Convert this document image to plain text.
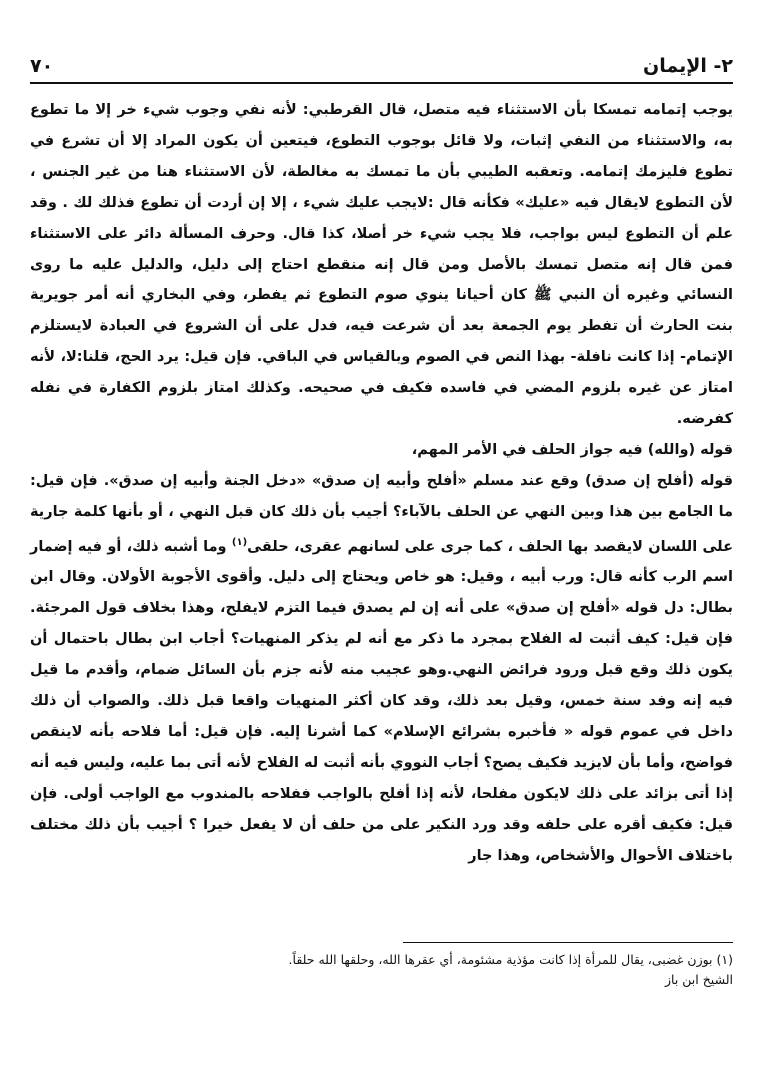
٢- الإيمان
٧٠

يوجب إتمامه تمسكا بأن الاستثناء فيه متصل، قال القرطبي: لأنه نفي وجوب شيء خر إلا ما تطوع به، والاستثناء من النفي إثبات، ولا قائل بوجوب التطوع، فيتعين أن يكون المراد إلا أن تشرع في تطوع فليزمك إتمامه. وتعقبه الطيبي بأن ما تمسك به مغالطة، لأن الاستثناء هنا من غير الجنس ، لأن التطوع لايقال فيه «عليك» فكأنه قال :لايجب عليك شيء ، إلا إن أردت أن تطوع فذلك لك . وقد علم أن التطوع ليس بواجب، فلا يجب شيء خر أصلا، كذا قال. وحرف المسألة دائر على الاستثناء فمن قال إنه متصل تمسك بالأصل ومن قال إنه منقطع احتاج إلى دليل، والدليل عليه ما روى النسائي وغيره أن النبي ﷺ كان أحيانا ينوي صوم التطوع ثم يفطر، وفي البخاري أنه أمر جويرية بنت الحارث أن تفطر يوم الجمعة بعد أن شرعت فيه، فدل على أن الشروع في العبادة لايستلزم الإتمام- إذا كانت نافلة- بهذا النص في الصوم وبالقياس في الباقي. فإن قيل: يرد الحج، قلنا:لا، لأنه امتاز عن غيره بلزوم المضي في فاسده فكيف في صحيحه. وكذلك امتاز بلزوم الكفارة في نفله كفرضه.

قوله (والله) فيه جواز الحلف في الأمر المهم،

قوله (أفلح إن صدق) وقع عند مسلم «أفلح وأبيه إن صدق» «دخل الجنة وأبيه إن صدق». فإن قيل: ما الجامع بين هذا وبين النهي عن الحلف بالآباء؟ أجيب بأن ذلك كان قبل النهي ، أو بأنها كلمة جارية على اللسان لايقصد بها الحلف ، كما جرى على لسانهم عقرى، حلقى$^{(١)}$ وما أشبه ذلك، أو فيه إضمار اسم الرب كأنه قال: ورب أبيه ، وقيل: هو خاص ويحتاج إلى دليل. وأقوى الأجوبة الأولان. وقال ابن بطال: دل قوله «أفلح إن صدق» على أنه إن لم يصدق فيما التزم لايفلح، وهذا بخلاف قول المرجئة. فإن قيل: كيف أثبت له الفلاح بمجرد ما ذكر مع أنه لم يذكر المنهيات؟ أجاب ابن بطال باحتمال أن يكون ذلك وقع قبل ورود فرائض النهي.وهو عجيب منه لأنه جزم بأن السائل ضمام، وأقدم ما قيل فيه إنه وفد سنة خمس، وقيل بعد ذلك، وقد كان أكثر المنهيات واقعا قبل ذلك. والصواب أن ذلك داخل في عموم قوله « فأخبره بشرائع الإسلام» كما أشرنا إليه. فإن قيل: أما فلاحه بأنه لاينقص فواضح، وأما بأن لايزيد فكيف يصح؟ أجاب النووي بأنه أثبت له الفلاح لأنه أتى بما عليه، وليس فيه أنه إذا أتى بزائد على ذلك لايكون مفلحا، لأنه إذا أفلح بالواجب ففلاحه بالمندوب مع الواجب أولى. فإن قيل: فكيف أقره على حلفه وقد ورد النكير على من حلف أن لا يفعل خيرا ؟ أجيب بأن ذلك مختلف باختلاف الأحوال والأشخاص، وهذا جار

(١) بوزن غضبى، يقال للمرأة إذا كانت مؤذية مشئومة، أي عقرها الله، وحلقها الله حلقاً.
الشيخ ابن باز
